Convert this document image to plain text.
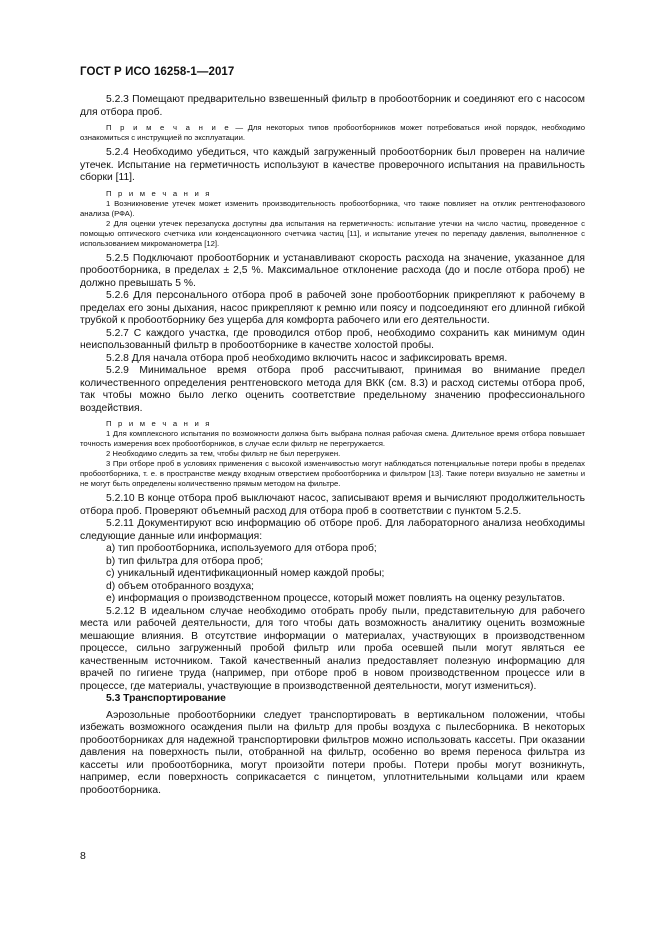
ГОСТ Р ИСО 16258-1—2017

5.2.3 Помещают предварительно взвешенный фильтр в пробоотборник и соединяют его с насосом для отбора проб.

П р и м е ч а н и е — Для некоторых типов пробоотборников может потребоваться иной порядок, необходимо ознакомиться с инструкцией по эксплуатации.

5.2.4 Необходимо убедиться, что каждый загруженный пробоотборник был проверен на наличие утечек. Испытание на герметичность используют в качестве проверочного испытания на правильность сборки [11].

П р и м е ч а н и я

1 Возникновение утечек может изменить производительность пробоотборника, что также повлияет на отклик рентгенофазового анализа (РФА).

2 Для оценки утечек перезапуска доступны два испытания на герметичность: испытание утечки на число частиц, проведенное с помощью оптического счетчика или конденсационного счетчика частиц [11], и испытание утечек по перепаду давления, выполненное с использованием микроманометра [12].

5.2.5 Подключают пробоотборник и устанавливают скорость расхода на значение, указанное для пробоотборника, в пределах ± 2,5 %. Максимальное отклонение расхода (до и после отбора проб) не должно превышать 5 %.

5.2.6 Для персонального отбора проб в рабочей зоне пробоотборник прикрепляют к рабочему в пределах его зоны дыхания, насос прикрепляют к ремню или поясу и подсоединяют его длинной гибкой трубкой к пробоотборнику без ущерба для комфорта рабочего или его деятельности.

5.2.7 С каждого участка, где проводился отбор проб, необходимо сохранить как минимум один неиспользованный фильтр в пробоотборнике в качестве холостой пробы.

5.2.8 Для начала отбора проб необходимо включить насос и зафиксировать время.

5.2.9 Минимальное время отбора проб рассчитывают, принимая во внимание предел количественного определения рентгеновского метода для ВКК (см. 8.3) и расход системы отбора проб, так чтобы можно было легко оценить соответствие предельному значению профессионального воздействия.

П р и м е ч а н и я

1 Для комплексного испытания по возможности должна быть выбрана полная рабочая смена. Длительное время отбора повышает точность измерения всех пробоотборников, в случае если фильтр не перегружается.

2 Необходимо следить за тем, чтобы фильтр не был перегружен.

3 При отборе проб в условиях применения с высокой изменчивостью могут наблюдаться потенциальные потери пробы в пределах пробоотборника, т. е. в пространстве между входным отверстием пробоотборника и фильтром [13]. Такие потери визуально не заметны и не могут быть определены количественно прямым методом на фильтре.

5.2.10 В конце отбора проб выключают насос, записывают время и вычисляют продолжительность отбора проб. Проверяют объемный расход для отбора проб в соответствии с пунктом 5.2.5.

5.2.11 Документируют всю информацию об отборе проб. Для лабораторного анализа необходимы следующие данные или информация:

a) тип пробоотборника, используемого для отбора проб;

b) тип фильтра для отбора проб;

c) уникальный идентификационный номер каждой пробы;

d) объем отобранного воздуха;

e) информация о производственном процессе, который может повлиять на оценку результатов.

5.2.12 В идеальном случае необходимо отобрать пробу пыли, представительную для рабочего места или рабочей деятельности, для того чтобы дать возможность аналитику оценить возможные мешающие влияния. В отсутствие информации о материалах, участвующих в производственном процессе, сильно загруженный пробой фильтр или проба осевшей пыли могут являться ее качественным источником. Такой качественный анализ предоставляет полезную информацию для врачей по гигиене труда (например, при отборе проб в новом производственном процессе или в процессе, где материалы, участвующие в производственной деятельности, могут измениться).

5.3 Транспортирование

Аэрозольные пробоотборники следует транспортировать в вертикальном положении, чтобы избежать возможного осаждения пыли на фильтр для пробы воздуха с пылесборника. В некоторых пробоотборниках для надежной транспортировки фильтров можно использовать кассеты. При оказании давления на поверхность пыли, отобранной на фильтр, особенно во время переноса фильтра из кассеты или пробоотборника, могут произойти потери пробы. Потери пробы могут возникнуть, например, если поверхность соприкасается с пинцетом, уплотнительными кольцами или краем пробоотборника.

8
